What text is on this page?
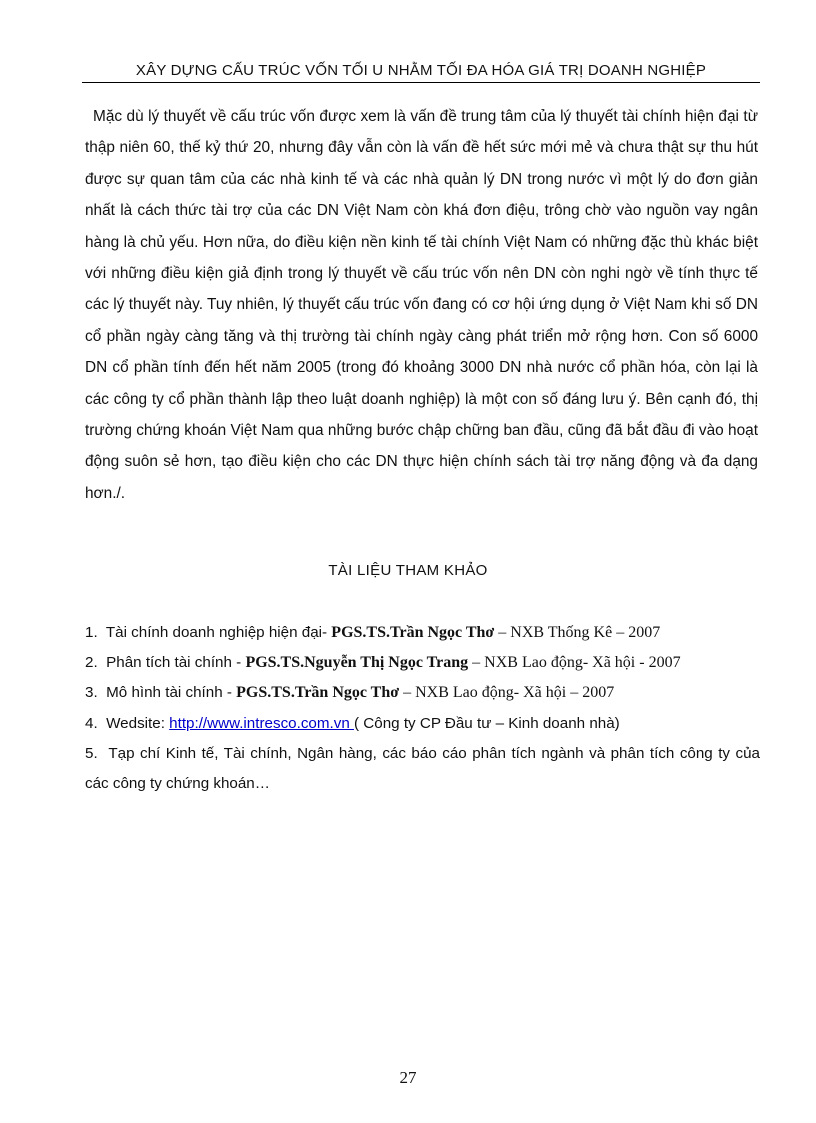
XÂY DỰNG CẤU TRÚC VỐN TỐI U NHẰM TỐI ĐA HÓA GIÁ TRỊ DOANH NGHIỆP
Mặc dù lý thuyết về cấu trúc vốn được xem là vấn đề trung tâm của lý thuyết tài chính hiện đại từ thập niên 60, thế kỷ thứ 20, nhưng đây vẫn còn là vấn đề hết sức mới mẻ và chưa thật sự thu hút được sự quan tâm của các nhà kinh tế và các nhà quản lý DN trong nước vì một lý do đơn giản nhất là cách thức tài trợ của các DN Việt Nam còn khá đơn điệu, trông chờ vào nguồn vay ngân hàng là chủ yếu. Hơn nữa, do điều kiện nền kinh tế tài chính Việt Nam có những đặc thù khác biệt với những điều kiện giả định trong lý thuyết về cấu trúc vốn nên DN còn nghi ngờ về tính thực tế các lý thuyết này. Tuy nhiên, lý thuyết cấu trúc vốn đang có cơ hội ứng dụng ở Việt Nam khi số DN cổ phần ngày càng tăng và thị trường tài chính ngày càng phát triển mở rộng hơn. Con số 6000 DN cổ phần tính đến hết năm 2005 (trong đó khoảng 3000 DN nhà nước cổ phần hóa, còn lại là các công ty cổ phần thành lập theo luật doanh nghiệp) là một con số đáng lưu ý. Bên cạnh đó, thị trường chứng khoán Việt Nam qua những bước chập chững ban đầu, cũng đã bắt đầu đi vào hoạt động suôn sẻ hơn, tạo điều kiện cho các DN thực hiện chính sách tài trợ năng động và đa dạng hơn./.
TÀI LIỆU THAM KHẢO
1. Tài chính doanh nghiệp hiện đại- PGS.TS.Trần Ngọc Thơ – NXB Thống Kê – 2007
2. Phân tích tài chính - PGS.TS.Nguyễn Thị Ngọc Trang – NXB Lao động- Xã hội - 2007
3. Mô hình tài chính - PGS.TS.Trần Ngọc Thơ – NXB Lao động- Xã hội – 2007
4. Wedsite: http://www.intresco.com.vn ( Công ty CP Đầu tư – Kinh doanh nhà)
5. Tạp chí Kinh tế, Tài chính, Ngân hàng, các báo cáo phân tích ngành và phân tích công ty của các công ty chứng khoán…
27
